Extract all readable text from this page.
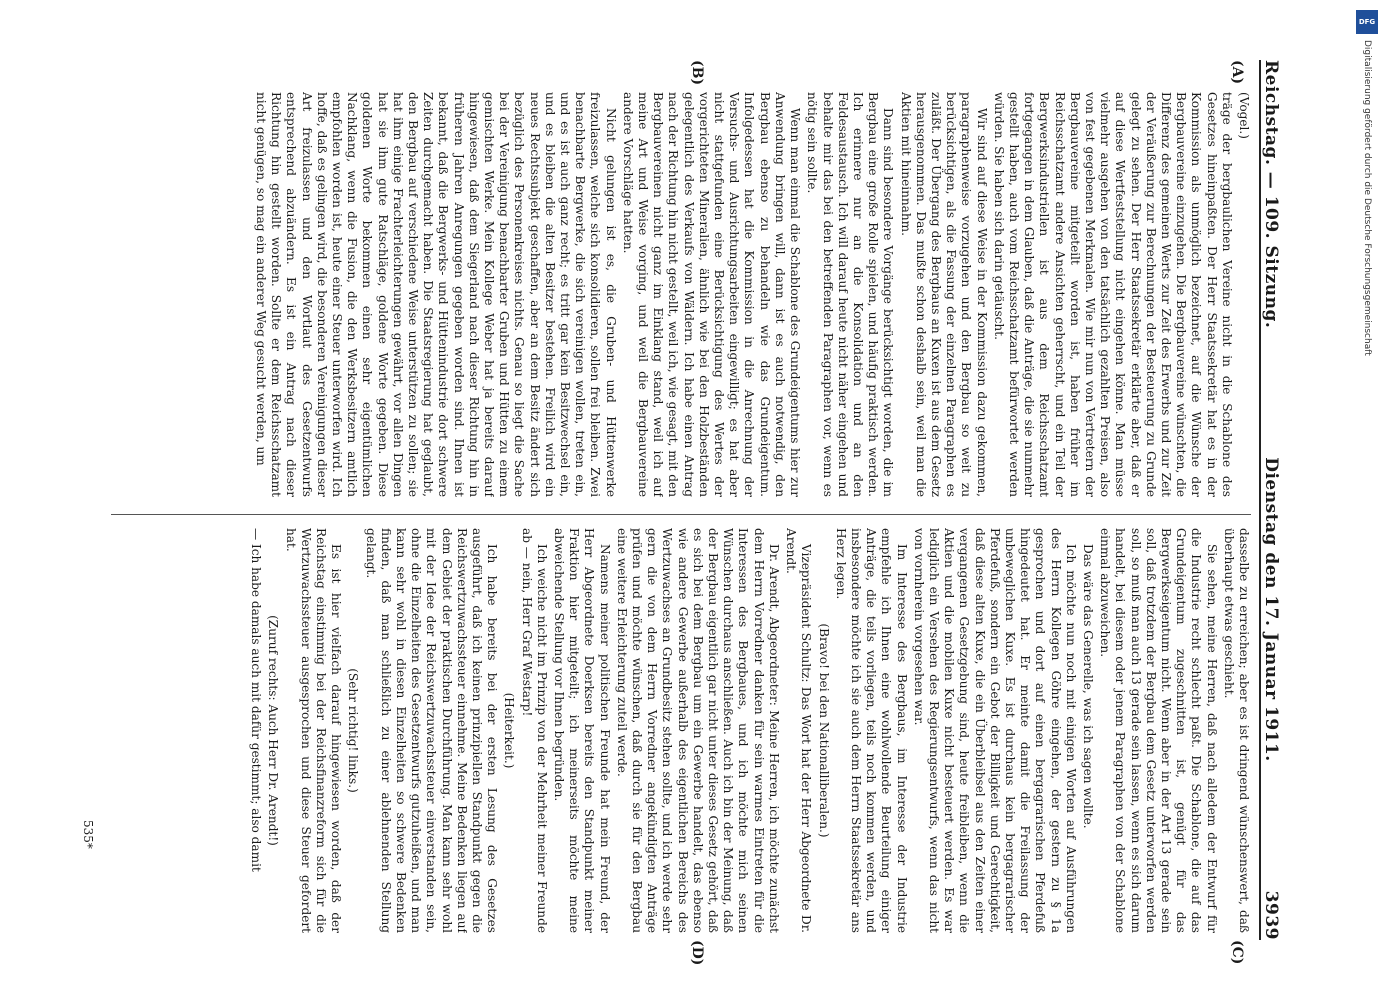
DFG
Digitalisierung gefördert durch die Deutsche Forschungsgemeinschaft
Reichstag. — 109. Sitzung.
Dienstag den 17. Januar 1911.
3939
(A)
(B)
(C)
(D)

(Vogel.)

träge der bergbaulichen Vereine nicht in die Schablone des Gesetzes hineinpaßten. Der Herr Staatssekretär hat es in der Kommission als unmöglich bezeichnet, auf die Wünsche der Bergbauvereine einzugehen. Die Bergbauvereine wünschten, die Differenz des gemeinen Werts zur Zeit des Erwerbs und zur Zeit der Veräußerung zur Berechnungen der Besteuerung zu Grunde gelegt zu sehen. Der Herr Staatssekretär erklärte aber, daß er auf diese Wertfeststellung nicht eingehen könne. Man müsse vielmehr ausgehen von den tatsächlich gezahlten Preisen, also von fest gegebenen Merkmalen. Wie mir nun von Vertretern der Bergbauvereine mitgeteilt worden ist, haben früher im Reichsschatzamt andere Ansichten geherrscht, und ein Teil der Bergwerksindustriellen ist aus dem Reichsschatzamt fortgegangen in dem Glauben, daß die Anträge, die sie nunmehr gestellt haben, auch vom Reichsschatzamt befürwortet werden würden. Sie haben sich darin getäuscht.

Wir sind auf diese Weise in der Kommission dazu gekommen, paragraphenweise vorzugehen und den Bergbau so weit zu berücksichtigen, als die Fassung der einzelnen Paragraphen es zuläßt. Der Übergang des Bergbaus an Kuxen ist aus dem Gesetz herausgenommen. Das mußte schon deshalb sein, weil man die Aktien mit hineinnahm.

Dann sind besondere Vorgänge berücksichtigt worden, die im Bergbau eine große Rolle spielen, und häufig praktisch werden. Ich erinnere nur an die Konsolidation und an den Feldesaustausch. Ich will darauf heute nicht näher eingehen und behalte mir das bei den betreffenden Paragraphen vor, wenn es nötig sein sollte.

Wenn man einmal die Schablone des Grundeigentums hier zur Anwendung bringen will, dann ist es auch notwendig, den Bergbau ebenso zu behandeln wie das Grundeigentum. Infolgedessen hat die Kommission in die Anrechnung der Versuchs- und Ausrichtungsarbeiten eingewilligt; es hat aber nicht stattgefunden eine Berücksichtigung des Wertes der vorgerichteten Mineralien, ähnlich wie bei den Holzbeständen gelegentlich des Verkaufs von Wäldern. Ich habe einen Antrag nach der Richtung hin nicht gestellt, weil ich, wie gesagt, mit den Bergbauvereinen nicht ganz im Einklang stand, weil ich auf meine Art und Weise vorging, und weil die Bergbauvereine andere Vorschläge hatten.

Nicht gelungen ist es, die Gruben- und Hüttenwerke freizulassen, welche sich konsolidieren, sollen frei bleiben. Zwei benachbarte Bergwerke, die sich vereinigen wollen, treten ein, und es ist auch ganz recht; es tritt gar kein Besitzwechsel ein, und es bleiben die alten Besitzer bestehen. Freilich wird ein neues Rechtssubjekt geschaffen, aber an dem Besitz ändert sich bezüglich des Personenkreises nichts. Genau so liegt die Sache bei der Vereinigung benachbarter Gruben und Hütten zu einem gemischten Werke. Mein Kollege Weber hat ja bereits darauf hingewiesen, daß dem Siegerland nach dieser Richtung hin in früheren Jahren Anregungen gegeben worden sind. Ihnen ist bekannt, daß die Bergwerks- und Hüttenindustrie dort schwere Zeiten durchgemacht haben. Die Staatsregierung hat geglaubt, den Bergbau auf verschiedene Weise unterstützen zu sollen; sie hat ihm einige Frachterleichterungen gewährt, vor allen Dingen hat sie ihm gute Ratschläge, goldene Worte gegeben. Diese goldenen Worte bekommen einen sehr eigentümlichen Nachklang, wenn die Fusion, die den Werksbesitzern amtlich empfohlen worden ist, heute einer Steuer unterworfen wird. Ich hoffe, daß es gelingen wird, die besonderen Vereinigungen dieser Art freizulassen und den Wortlaut des Gesetzentwurfs entsprechend abzuändern. Es ist ein Antrag nach dieser Richtung hin gestellt worden. Sollte er dem Reichsschatzamt nicht genügen, so mag ein anderer Weg gesucht werden, um

dasselbe zu erreichen; aber es ist dringend wünschenswert, daß überhaupt etwas geschieht.

Sie sehen, meine Herren, daß nach alledem der Entwurf für die Industrie recht schlecht paßt. Die Schablone, die auf das Grundeigentum zugeschnitten ist, genügt für das Bergwerkseigentum nicht. Wenn aber in der Art 13 gerade sein soll, daß trotzdem der Bergbau dem Gesetz unterworfen werden soll, so muß man auch 13 gerade sein lassen, wenn es sich darum handelt, bei diesem oder jenem Paragraphen von der Schablone einmal abzuweichen.

Das wäre das Generelle, was ich sagen wollte.

Ich möchte nun noch mit einigen Worten auf Ausführungen des Herrn Kollegen Göhre eingehen, der gestern zu § 1a gesprochen und dort auf einen bergagrarischen Pferdefuß hingedeutet hat. Er meinte damit die Freilassung der unbeweglichen Kuxe. Es ist durchaus kein bergagrarischer Pferdefuß, sondern ein Gebot der Billigkeit und Gerechtigkeit, daß diese alten Kuxe, die ein Überbleibsel aus den Zeiten einer vergangenen Gesetzgebung sind, heute freibleiben, wenn die Aktien und die mobilen Kuxe nicht besteuert werden. Es war lediglich ein Versehen des Regierungsentwurfs, wenn das nicht von vornherein vorgesehen war.

Im Interesse des Bergbaus, im Interesse der Industrie empfehle ich Ihnen eine wohlwollende Beurteilung einiger Anträge, die teils vorliegen, teils noch kommen werden, und insbesondere möchte ich sie auch dem Herrn Staatssekretär ans Herz legen.

(Bravo! bei den Nationalliberalen.)

Vizepräsident Schultz: Das Wort hat der Herr Abgeordnete Dr. Arendt.

Dr. Arendt, Abgeordneter: Meine Herren, ich möchte zunächst dem Herrn Vorredner danken für sein warmes Eintreten für die Interessen des Bergbaues, und ich möchte mich seinen Wünschen durchaus anschließen. Auch ich bin der Meinung, daß der Bergbau eigentlich gar nicht unter dieses Gesetz gehört, daß es sich bei dem Bergbau um ein Gewerbe handelt, das ebenso wie andere Gewerbe außerhalb des eigentlichen Bereichs des Wertzuwachses an Grundbesitz stehen sollte, und ich werde sehr gern die von dem Herrn Vorredner angekündigten Anträge prüfen und möchte wünschen, daß durch sie für den Bergbau eine weitere Erleichterung zuteil werde.

Namens meiner politischen Freunde hat mein Freund, der Herr Abgeordnete Doerksen bereits den Standpunkt meiner Fraktion hier mitgeteilt; ich meinerseits möchte meine abweichende Stellung vor Ihnen begründen.

Ich weiche nicht im Prinzip von der Mehrheit meiner Freunde ab — nein, Herr Graf Westarp!

(Heiterkeit.)

Ich habe bereits bei der ersten Lesung des Gesetzes ausgeführt, daß ich keinen prinzipiellen Standpunkt gegen die Reichswertzuwachssteuer einnehme. Meine Bedenken liegen auf dem Gebiet der praktischen Durchführung. Man kann sehr wohl mit der Idee der Reichswertzuwachssteuer einverstanden sein, ohne die Einzelheiten des Gesetzentwurfs gutzuheißen, und man kann sehr wohl in diesen Einzelheiten so schwere Bedenken finden, daß man schließlich zu einer ablehnenden Stellung gelangt.

(Sehr richtig! links.)

Es ist hier vielfach darauf hingewiesen worden, daß der Reichstag einstimmig bei der Reichsfinanzreform sich für die Wertzuwachssteuer ausgesprochen und diese Steuer gefordert hat.

(Zuruf rechts: Auch Herr Dr. Arendt!)

— Ich habe damals auch mit dafür gestimmt; also damit

535*
